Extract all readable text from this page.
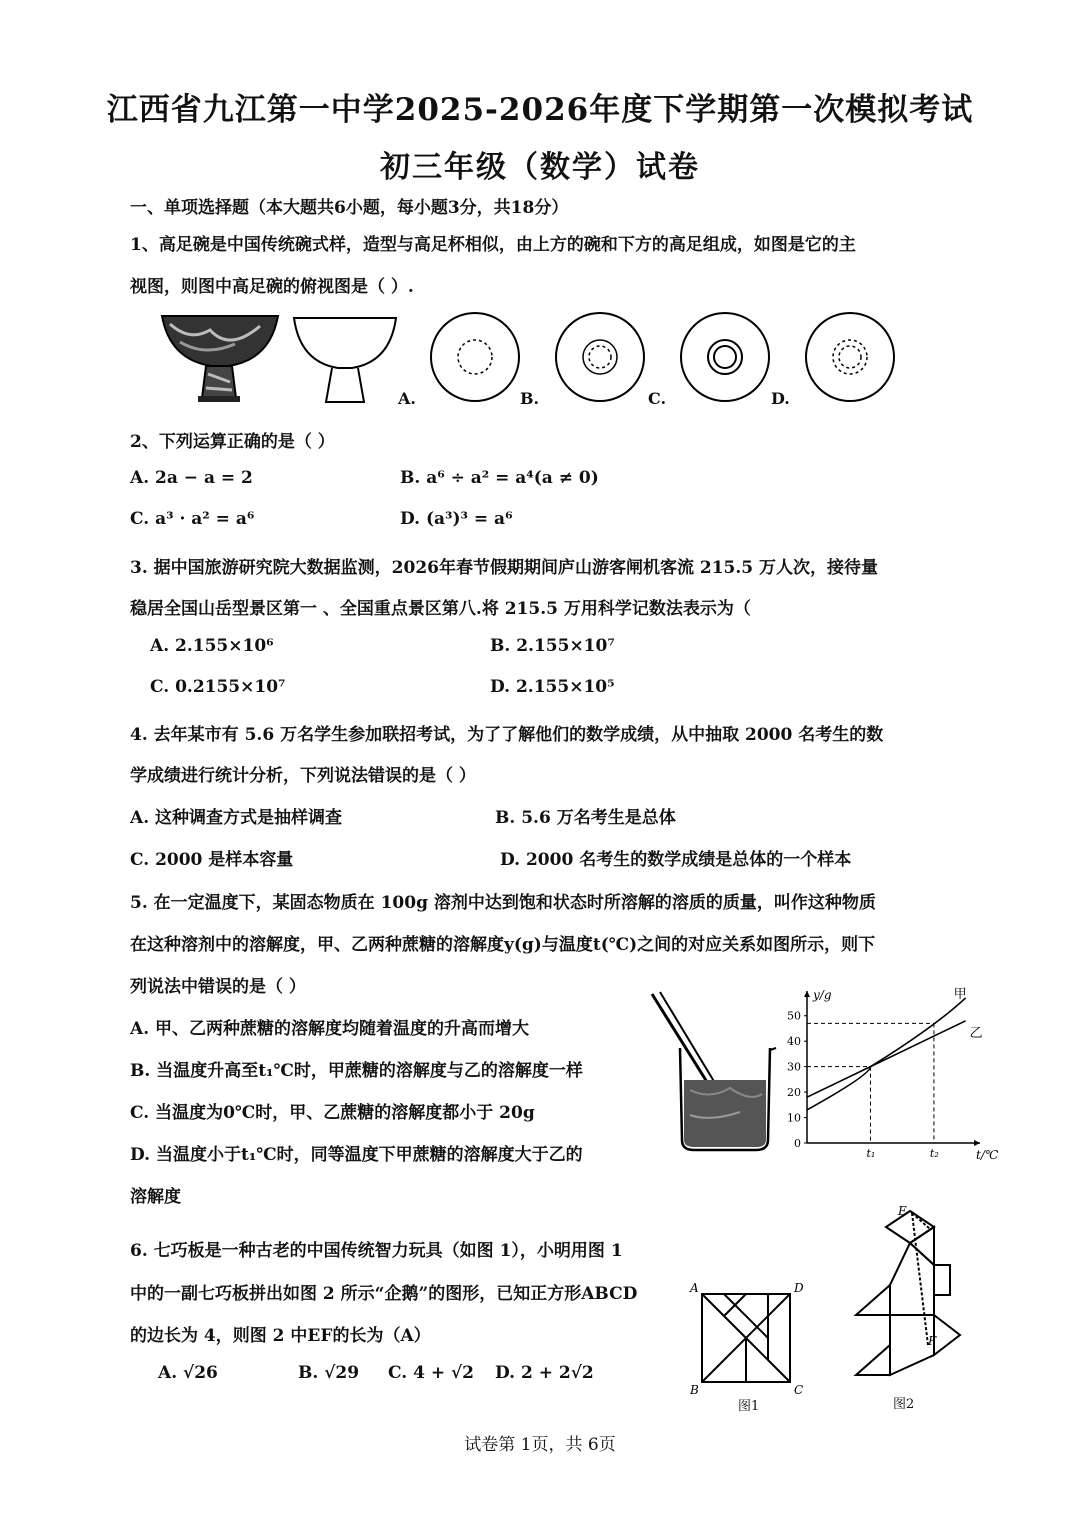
江西省九江第一中学2025-2026年度下学期第一次模拟考试
初三年级（数学）试卷
一、单项选择题（本大题共6小题，每小题3分，共18分）
1、高足碗是中国传统碗式样，造型与高足杯相似，由上方的碗和下方的高足组成，如图是它的主
视图，则图中高足碗的俯视图是（ ）.
A.	B.	C.	D.
2、下列运算正确的是（ ）
A. 2a − a = 2	B. a⁶ ÷ a² = a⁴(a ≠ 0)
C. a³ · a² = a⁶	D. (a³)³ = a⁶
3. 据中国旅游研究院大数据监测，2026年春节假期期间庐山游客闸机客流 215.5 万人次，接待量
稳居全国山岳型景区第一 、全国重点景区第八.将 215.5 万用科学记数法表示为（
A. 2.155×10⁶	B. 2.155×10⁷
C. 0.2155×10⁷	D. 2.155×10⁵
4. 去年某市有 5.6 万名学生参加联招考试，为了了解他们的数学成绩，从中抽取 2000 名考生的数
学成绩进行统计分析，下列说法错误的是（ ）
A. 这种调查方式是抽样调查	B. 5.6 万名考生是总体
C. 2000 是样本容量	D. 2000 名考生的数学成绩是总体的一个样本
5. 在一定温度下，某固态物质在 100g 溶剂中达到饱和状态时所溶解的溶质的质量，叫作这种物质
在这种溶剂中的溶解度，甲、乙两种蔗糖的溶解度y(g)与温度t(℃)之间的对应关系如图所示，则下
列说法中错误的是（ ）
A. 甲、乙两种蔗糖的溶解度均随着温度的升高而增大
B. 当温度升高至t₁℃时，甲蔗糖的溶解度与乙的溶解度一样
C. 当温度为0℃时，甲、乙蔗糖的溶解度都小于 20g
D. 当温度小于t₁℃时，同等温度下甲蔗糖的溶解度大于乙的
溶解度
0
10
20
30
40
50
y/g
t/℃
t₁	t₂
甲
乙
6. 七巧板是一种古老的中国传统智力玩具（如图 1），小明用图 1
中的一副七巧板拼出如图 2 所示“企鹅”的图形，已知正方形ABCD
的边长为 4，则图 2 中EF的长为（A）
A. √26	B. √29 C. 4 + √2 D. 2 + 2√2
A	D
B	C
图1
E
F
图2
试卷第 1页，共 6页
